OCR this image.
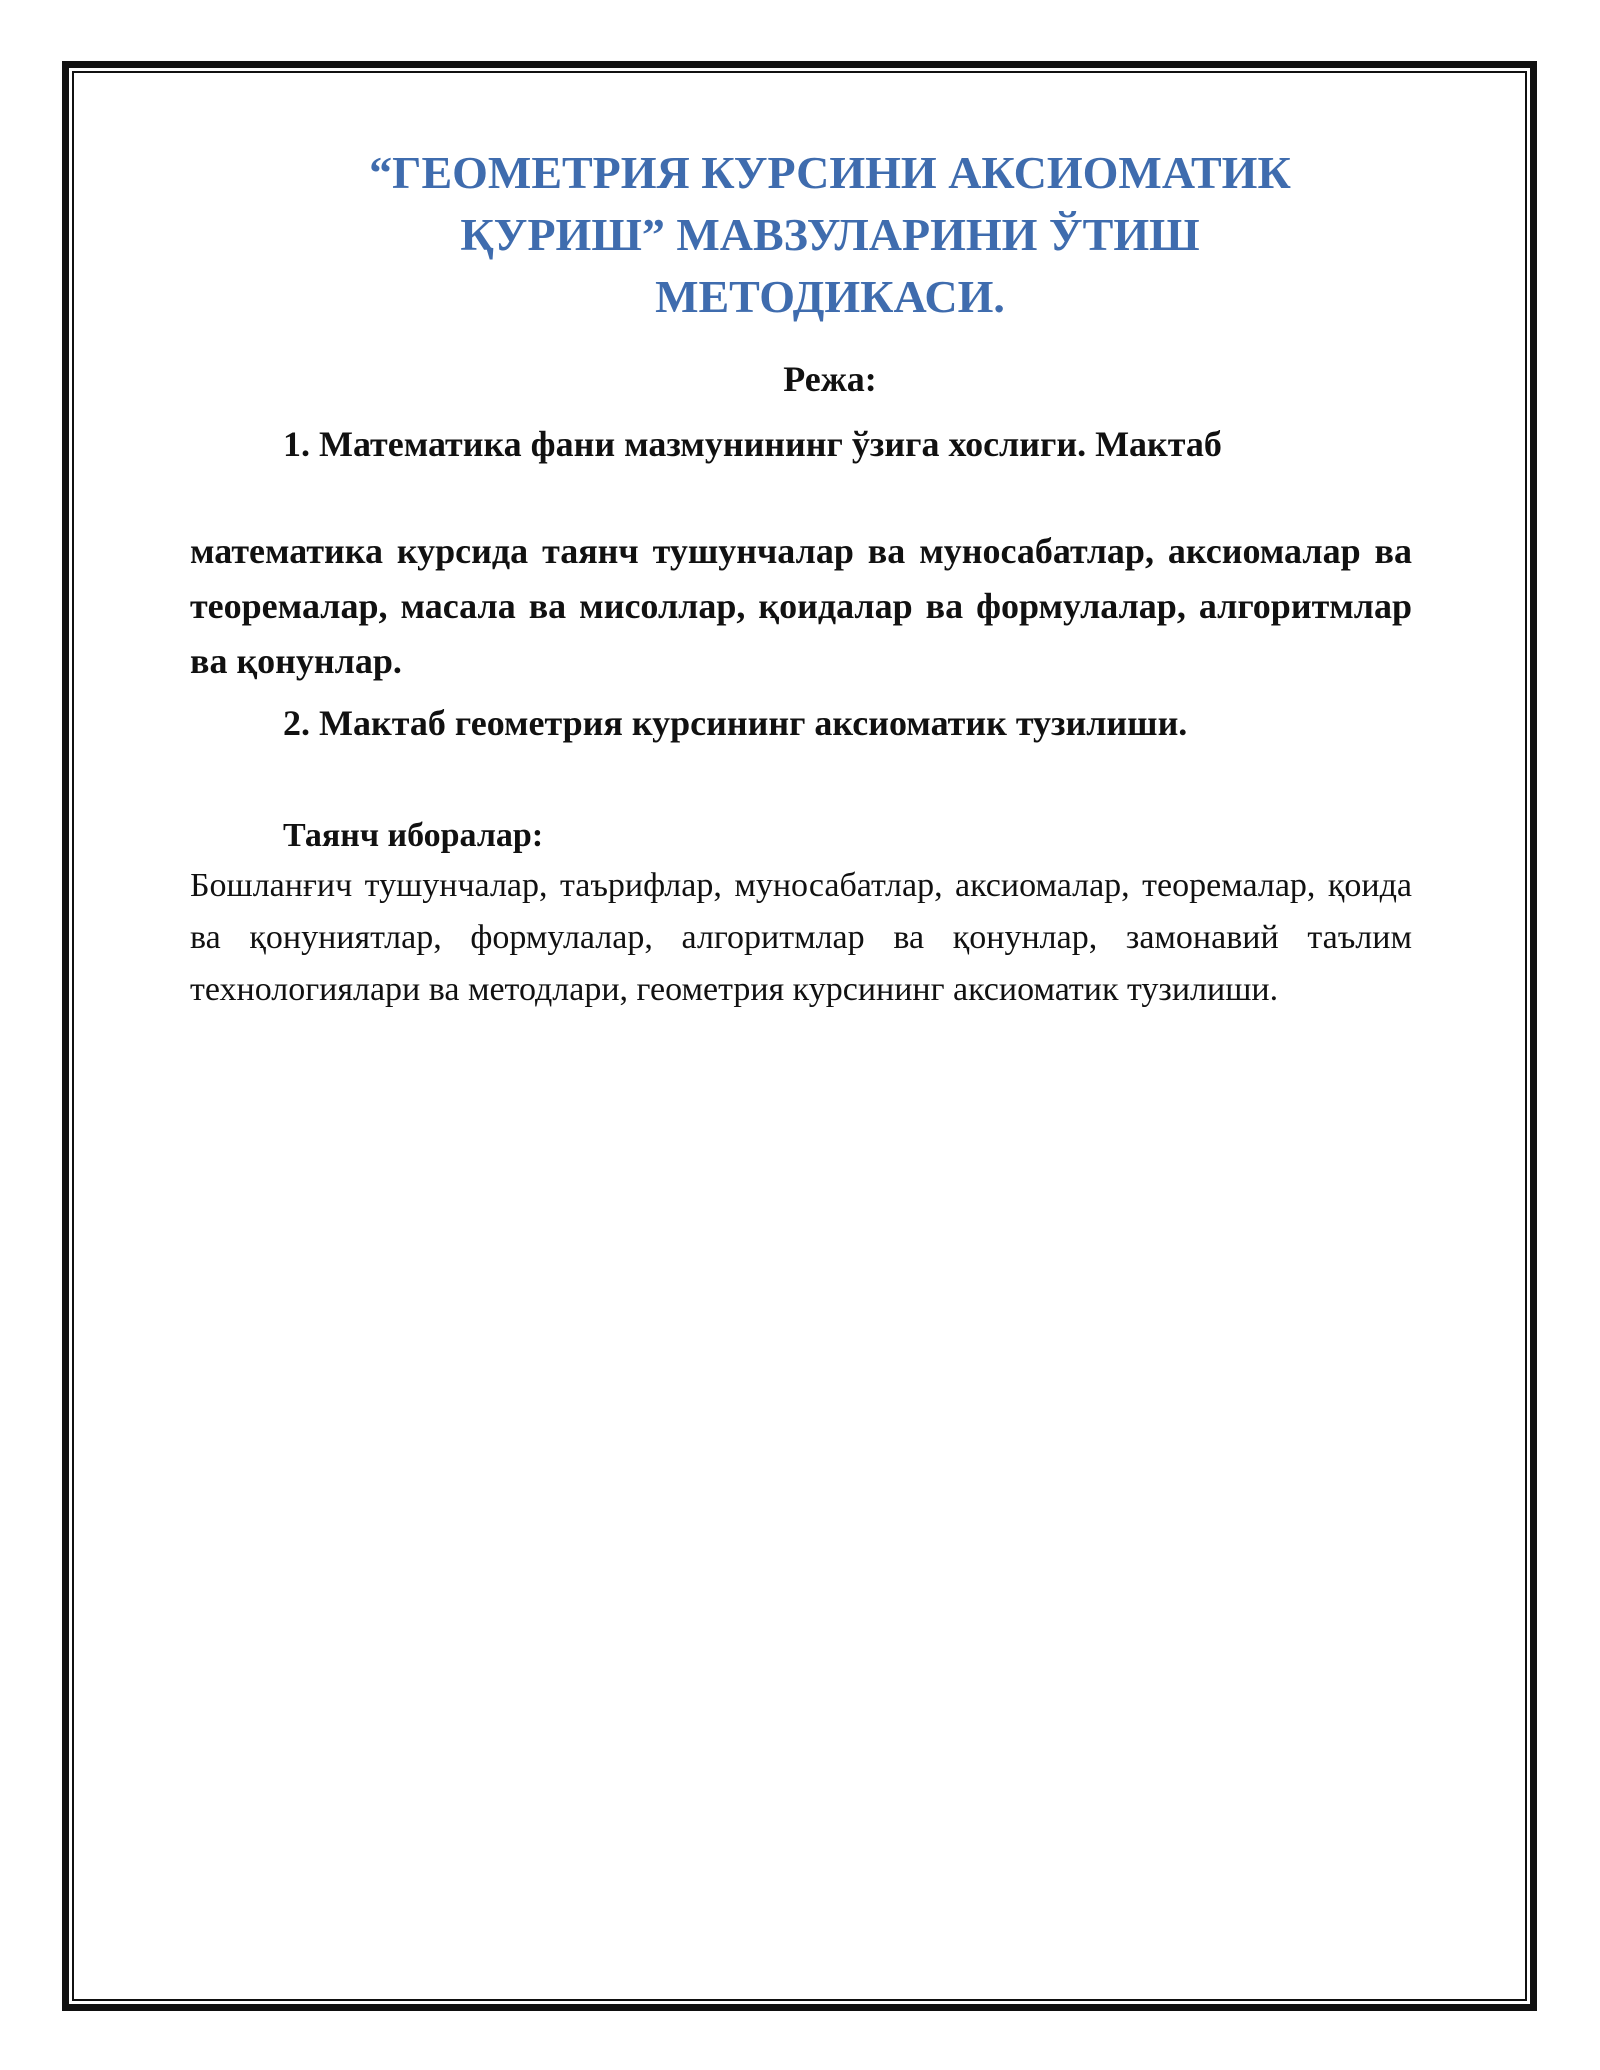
“ГЕОМЕТРИЯ КУРСИНИ АКСИОМАТИК
ҚУРИШ” МАВЗУЛАРИНИ ЎТИШ
МЕТОДИКАСИ.
Режа:
1. Математика фани мазмунининг ўзига хослиги. Мактаб
математика курсида таянч тушунчалар ва муносабатлар, аксиомалар ва теоремалар, масала ва мисоллар, қоидалар ва формулалар, алгоритмлар ва қонунлар.
2. Мактаб геометрия курсининг аксиоматик тузилиши.
Таянч иборалар:
Бошланғич тушунчалар, таърифлар, муносабатлар, аксиомалар, теоремалар, қоида ва қонуниятлар, формулалар, алгоритмлар ва қонунлар, замонавий таълим технологиялари ва методлари, геометрия курсининг аксиоматик тузилиши.
